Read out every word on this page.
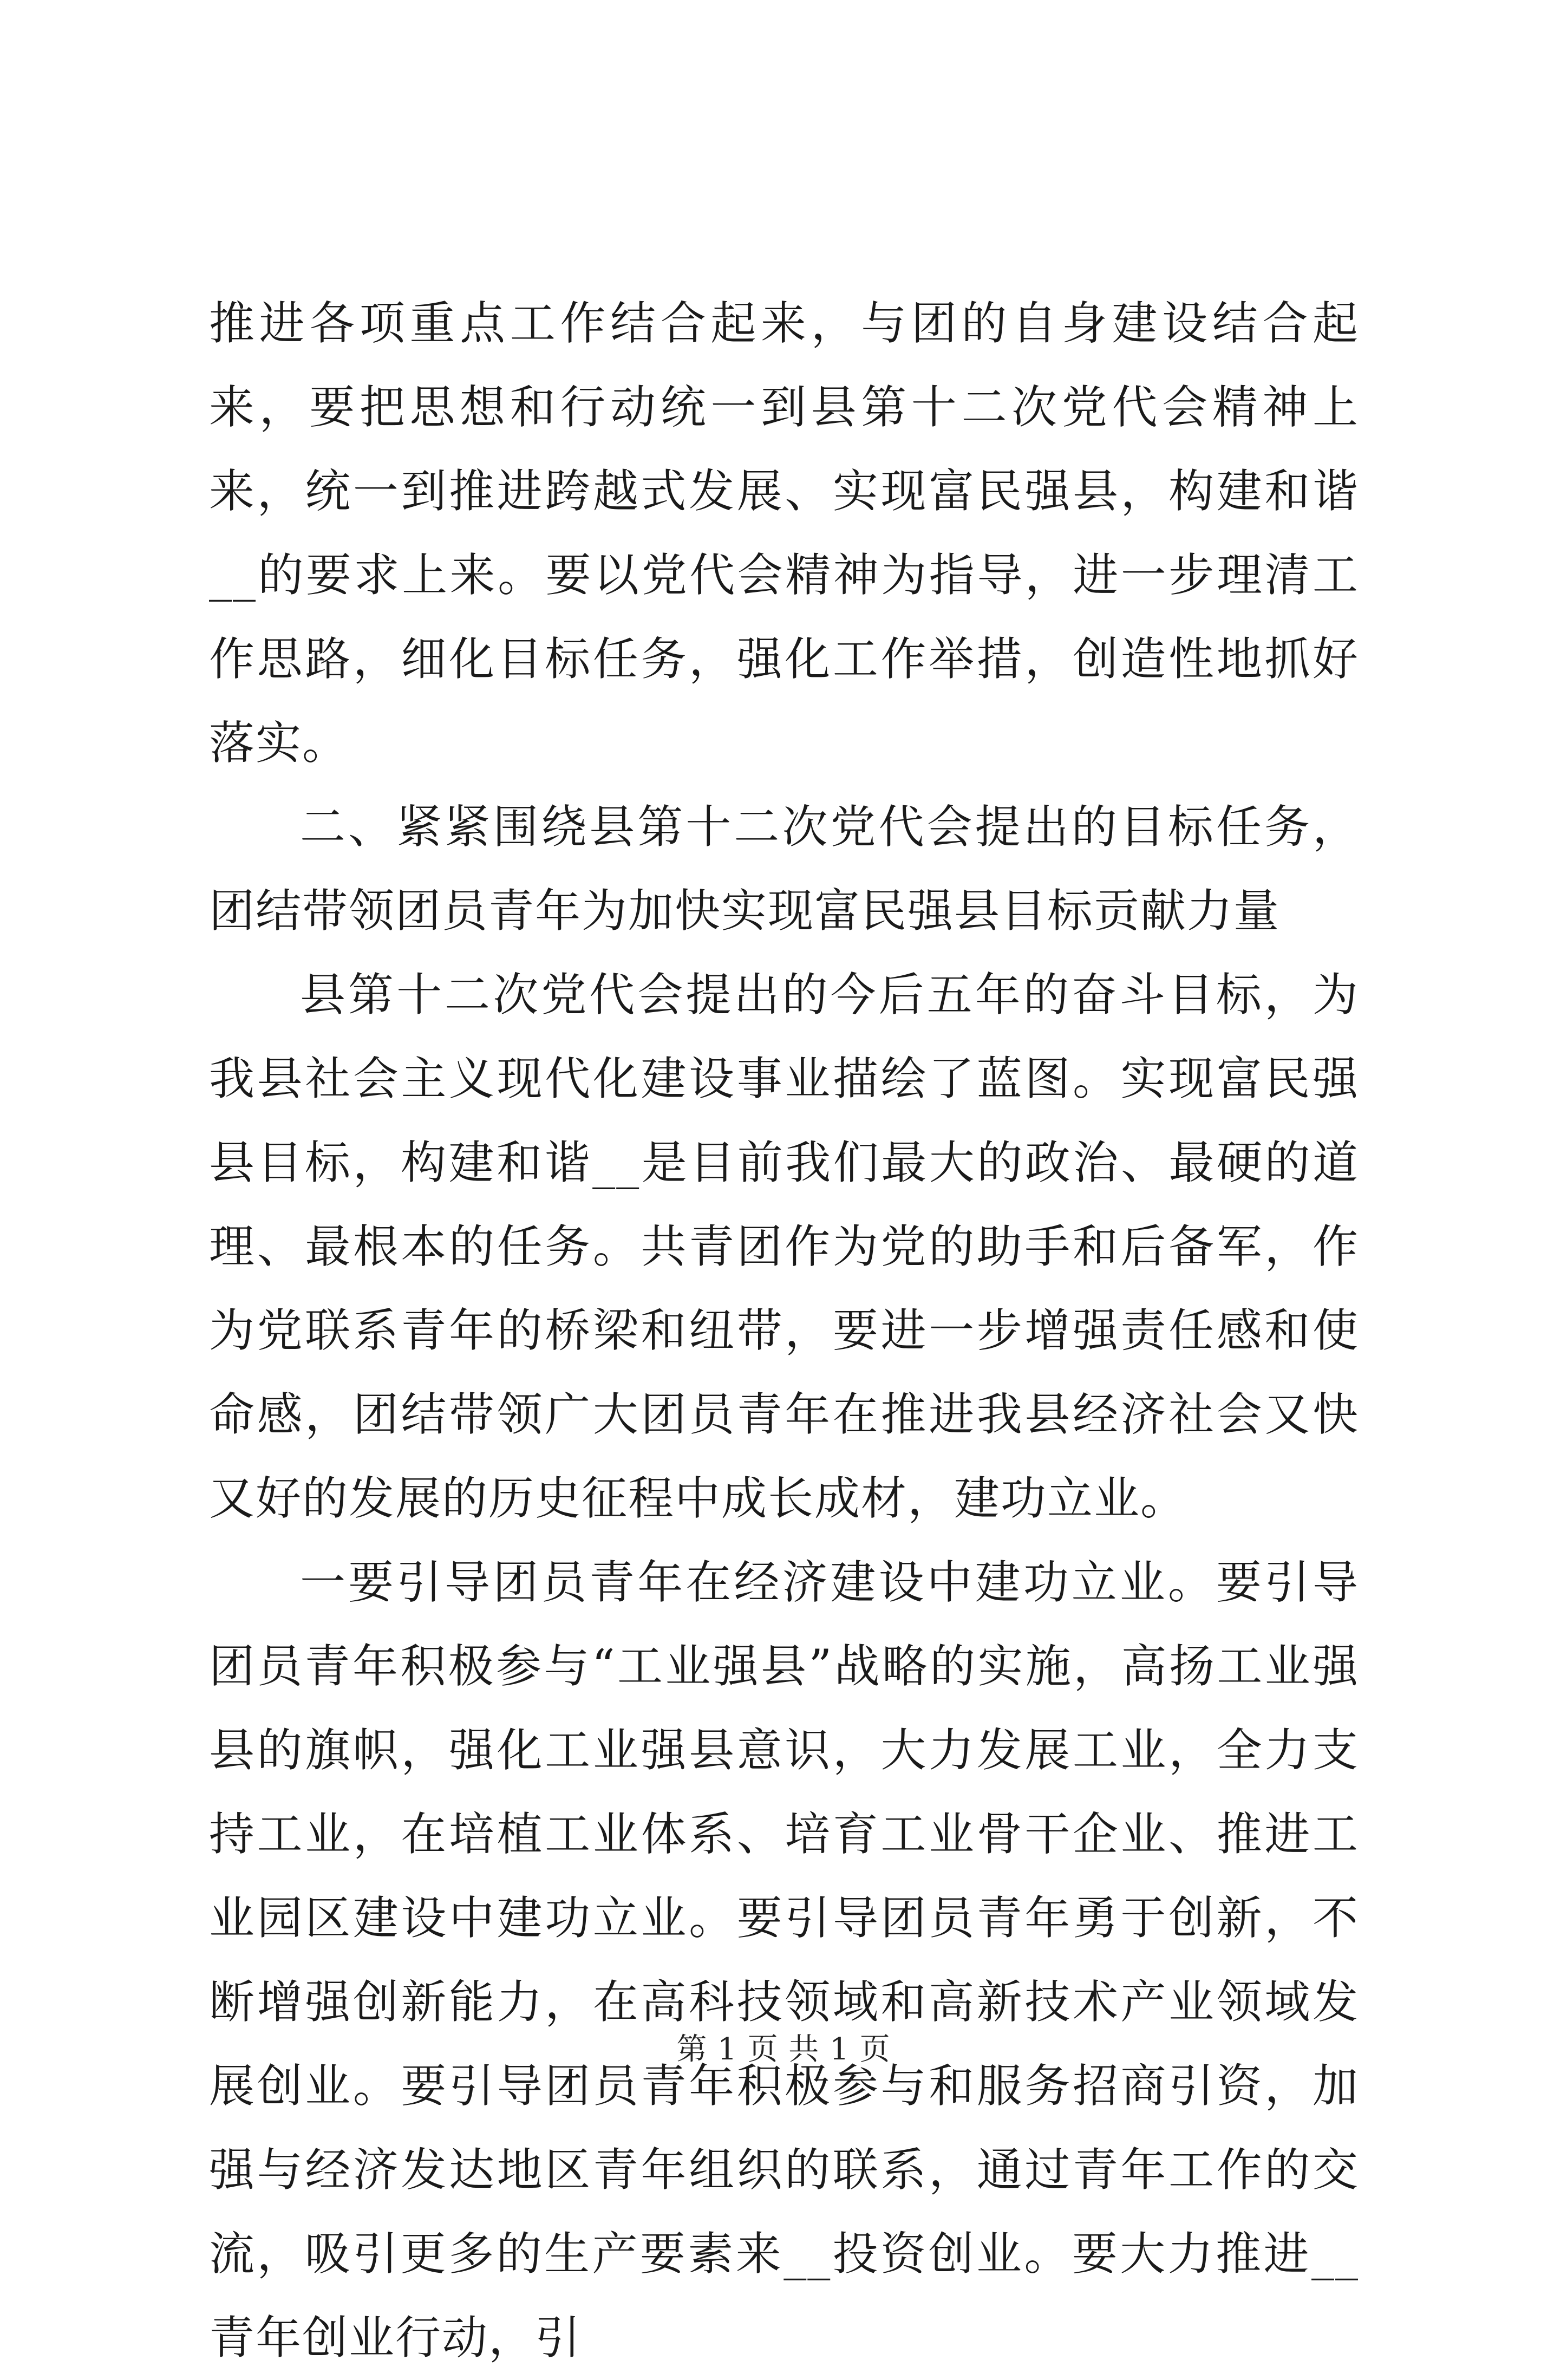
推进各项重点工作结合起来，与团的自身建设结合起来，要把思想和行动统一到县第十二次党代会精神上来，统一到推进跨越式发展、实现富民强县，构建和谐__的要求上来。要以党代会精神为指导，进一步理清工作思路，细化目标任务，强化工作举措，创造性地抓好落实。

二、紧紧围绕县第十二次党代会提出的目标任务，团结带领团员青年为加快实现富民强县目标贡献力量

县第十二次党代会提出的今后五年的奋斗目标，为我县社会主义现代化建设事业描绘了蓝图。实现富民强县目标，构建和谐__是目前我们最大的政治、最硬的道理、最根本的任务。共青团作为党的助手和后备军，作为党联系青年的桥梁和纽带，要进一步增强责任感和使命感，团结带领广大团员青年在推进我县经济社会又快又好的发展的历史征程中成长成材，建功立业。

一要引导团员青年在经济建设中建功立业。要引导团员青年积极参与“工业强县”战略的实施，高扬工业强县的旗帜，强化工业强县意识，大力发展工业，全力支持工业，在培植工业体系、培育工业骨干企业、推进工业园区建设中建功立业。要引导团员青年勇于创新，不断增强创新能力，在高科技领域和高新技术产业领域发展创业。要引导团员青年积极参与和服务招商引资，加强与经济发达地区青年组织的联系，通过青年工作的交流，吸引更多的生产要素来__投资创业。要大力推进__青年创业行动，引

第 1 页 共 1 页
